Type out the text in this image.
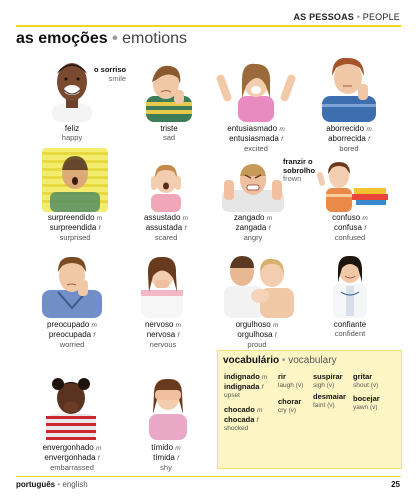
AS PESSOAS • PEOPLE
as emoções • emotions
o sorriso
smile
feliz
happy
triste
sad
entusiasmado m
entusiasmada f
excited
aborrecido m
aborrecida f
bored
franzir o
sobrolho
frown
surpreendido m
surpreendida f
surprised
assustado m
assustada f
scared
zangado m
zangada f
angry
confuso m
confusa f
confused
preocupado m
preocupada f
worried
nervoso m
nervosa f
nervous
orgulhoso m
orgulhosa f
proud
confiante
confident
envergonhado m
envergonhada f
embarrassed
tímido m
tímida f
shy
vocabulário • vocabulary
indignado m
indignada f
upset
chocado m
chocada f
shocked
rir
laugh (v)
chorar
cry (v)
suspirar
sigh (v)
desmaiar
faint (v)
gritar
shout (v)
bocejar
yawn (v)
português • english	25
